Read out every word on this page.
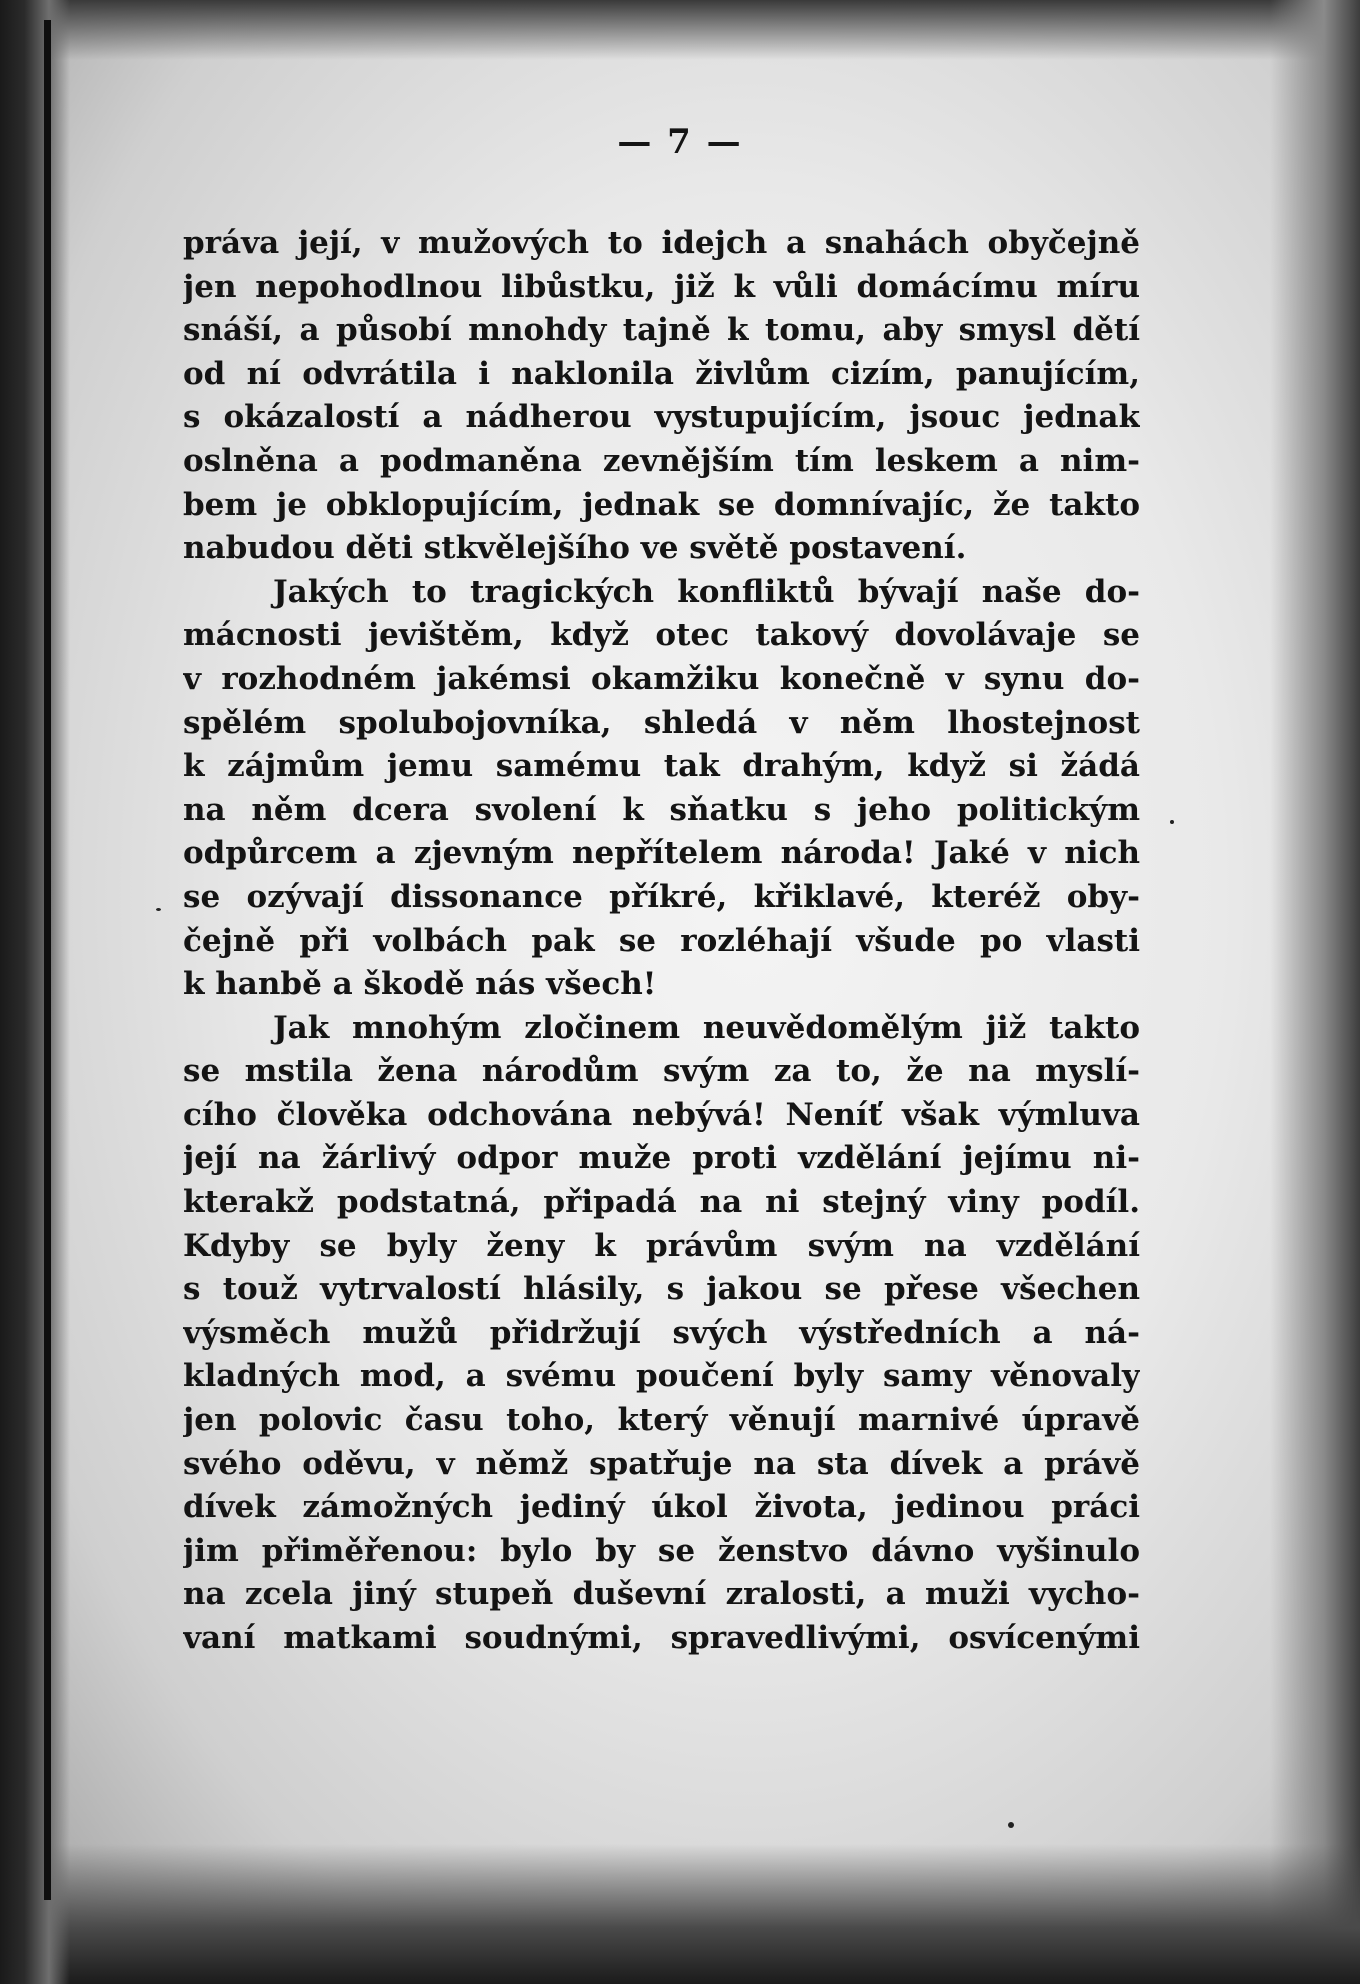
— 7 —
práva její, v mužových to idejch a snahách obyčejně
jen nepohodlnou libůstku, již k vůli domácímu míru
snáší, a působí mnohdy tajně k tomu, aby smysl dětí
od ní odvrátila i naklonila živlům cizím, panujícím,
s okázalostí a nádherou vystupujícím, jsouc jednak
oslněna a podmaněna zevnějším tím leskem a nim-
bem je obklopujícím, jednak se domnívajíc, že takto
nabudou děti stkvělejšího ve světě postavení.
Jakých to tragických konfliktů bývají naše do-
mácnosti jevištěm, když otec takový dovolávaje se
v rozhodném jakémsi okamžiku konečně v synu do-
spělém spolubojovníka, shledá v něm lhostejnost
k zájmům jemu samému tak drahým, když si žádá
na něm dcera svolení k sňatku s jeho politickým
odpůrcem a zjevným nepřítelem národa! Jaké v nich
se ozývají dissonance příkré, křiklavé, kteréž oby-
čejně při volbách pak se rozléhají všude po vlasti
k hanbě a škodě nás všech!
Jak mnohým zločinem neuvědomělým již takto
se mstila žena národům svým za to, že na myslí-
cího člověka odchována nebývá! Neníť však výmluva
její na žárlivý odpor muže proti vzdělání jejímu ni-
kterakž podstatná, připadá na ni stejný viny podíl.
Kdyby se byly ženy k právům svým na vzdělání
s touž vytrvalostí hlásily, s jakou se přese všechen
výsměch mužů přidržují svých výstředních a ná-
kladných mod, a svému poučení byly samy věnovaly
jen polovic času toho, který věnují marnivé úpravě
svého oděvu, v němž spatřuje na sta dívek a právě
dívek zámožných jediný úkol života, jedinou práci
jim přiměřenou: bylo by se ženstvo dávno vyšinulo
na zcela jiný stupeň duševní zralosti, a muži vycho-
vaní matkami soudnými, spravedlivými, osvícenými
